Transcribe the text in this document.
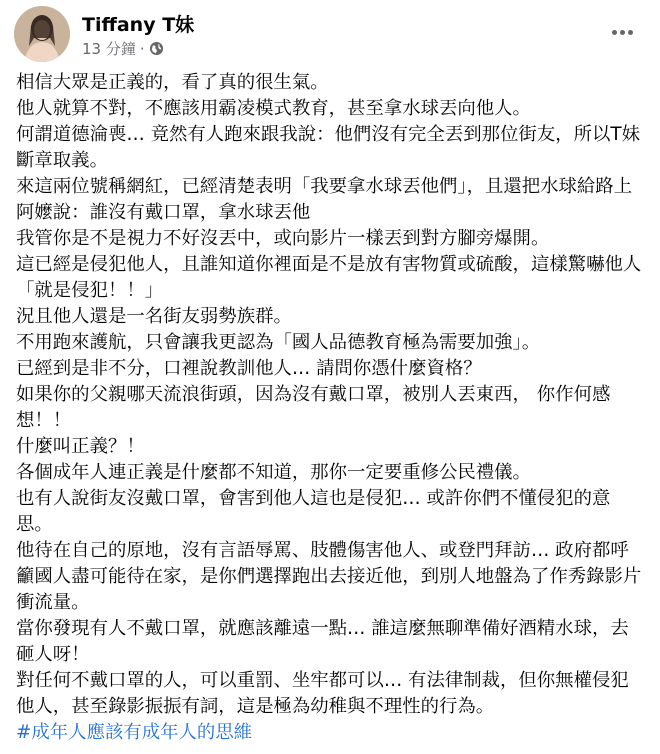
Tiffany T妹
13 分鐘 ·

相信大眾是正義的，看了真的很生氣。

他人就算不對，不應該用霸凌模式教育，甚至拿水球丟向他人。

何謂道德淪喪… 竟然有人跑來跟我說：他們沒有完全丟到那位街友，所以T妹斷章取義。

來這兩位號稱網紅，已經清楚表明「我要拿水球丟他們」，且還把水球給路上阿嬤說：誰沒有戴口罩，拿水球丟他

我管你是不是視力不好沒丟中，或向影片一樣丟到對方腳旁爆開。

這已經是侵犯他人，且誰知道你裡面是不是放有害物質或硫酸，這樣驚嚇他人「就是侵犯！！」

況且他人還是一名街友弱勢族群。

不用跑來護航，只會讓我更認為「國人品德教育極為需要加強」。

已經到是非不分，口裡說教訓他人… 請問你憑什麼資格？

如果你的父親哪天流浪街頭，因為沒有戴口罩，被別人丟東西， 你作何感想！！

什麼叫正義？！

各個成年人連正義是什麼都不知道，那你一定要重修公民禮儀。

也有人說街友沒戴口罩，會害到他人這也是侵犯… 或許你們不懂侵犯的意思。

他待在自己的原地，沒有言語辱罵、肢體傷害他人、或登門拜訪… 政府都呼籲國人盡可能待在家，是你們選擇跑出去接近他，到別人地盤為了作秀錄影片衝流量。

當你發現有人不戴口罩，就應該離遠一點… 誰這麼無聊準備好酒精水球，去砸人呀！

對任何不戴口罩的人，可以重罰、坐牢都可以… 有法律制裁，但你無權侵犯他人，甚至錄影振振有詞，這是極為幼稚與不理性的行為。

#成年人應該有成年人的思維
